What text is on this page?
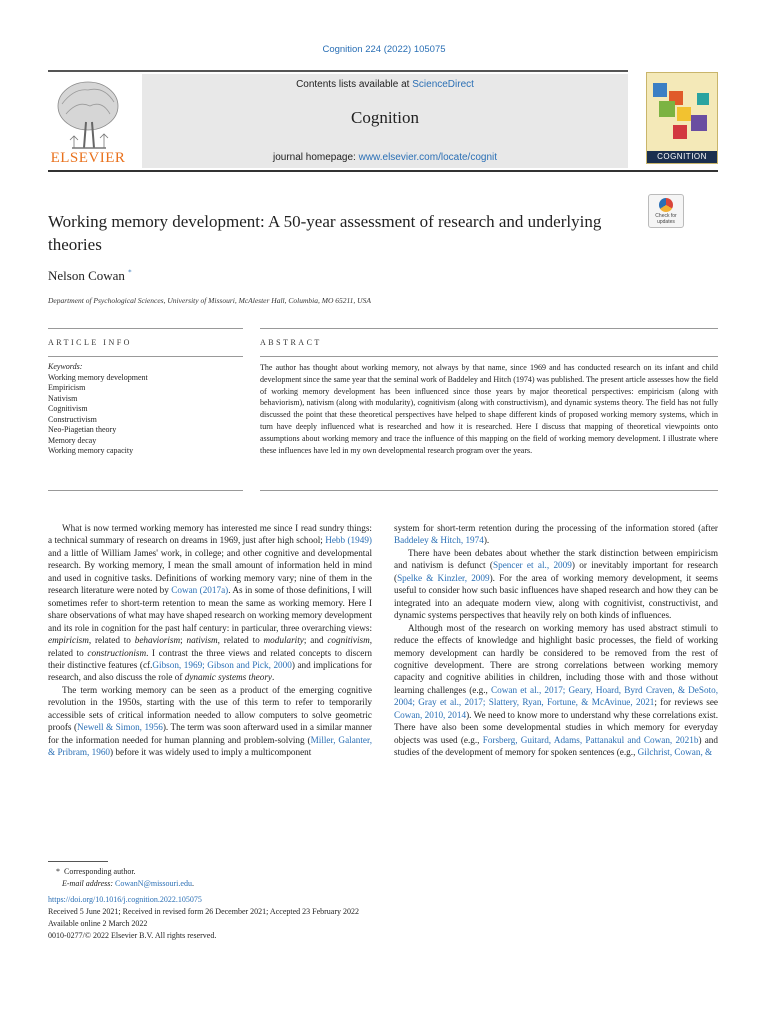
Cognition 224 (2022) 105075
ELSEVIER
Contents lists available at ScienceDirect
Cognition
journal homepage: www.elsevier.com/locate/cognit	COGNITION
Check for updates
Working memory development: A 50-year assessment of research and underlying theories
Nelson Cowan *
Department of Psychological Sciences, University of Missouri, McAlester Hall, Columbia, MO 65211, USA
ARTICLE INFO	ABSTRACT
Keywords:
Working memory development
Empiricism
Nativism
Cognitivism
Constructivism
Neo-Piagetian theory
Memory decay
Working memory capacity
The author has thought about working memory, not always by that name, since 1969 and has conducted research on its infant and child development since the same year that the seminal work of Baddeley and Hitch (1974) was published. The present article assesses how the field of working memory development has been influenced since those years by major theoretical perspectives: empiricism (along with behaviorism), nativism (along with modularity), cognitivism (along with constructivism), and dynamic systems theory. The field has not fully discussed the point that these theoretical perspectives have helped to shape different kinds of proposed working memory systems, which in turn have deeply influenced what is researched and how it is researched. Here I discuss that mapping of theoretical viewpoints onto assumptions about working memory and trace the influence of this mapping on the field of working memory development. I illustrate where these influences have led in my own developmental research program over the years.

What is now termed working memory has interested me since I read sundry things: a technical summary of research on dreams in 1969, just after high school; Hebb (1949) and a little of William James' work, in college; and other cognitive and developmental research. By working memory, I mean the small amount of information held in mind and used in cognitive tasks. Definitions of working memory vary; nine of them in the research literature were noted by Cowan (2017a). As in some of those definitions, I will sometimes refer to short-term retention to mean the same as working memory. Here I share observations of what may have shaped research on working memory development and its role in cognition for the past half century: in particular, three overarching views: empiricism, related to behaviorism; nativism, related to modularity; and cognitivism, related to constructionism. I contrast the three views and related concepts to discern their distinctive features (cf.Gibson, 1969; Gibson and Pick, 2000) and implications for research, and also discuss the role of dynamic systems theory.

The term working memory can be seen as a product of the emerging cognitive revolution in the 1950s, starting with the use of this term to refer to temporarily accessible sets of critical information needed to allow computers to solve geometric proofs (Newell & Simon, 1956). The term was soon afterward used in a similar manner for the information needed for human planning and problem-solving (Miller, Galanter, & Pribram, 1960) before it was widely used to imply a multicomponent

system for short-term retention during the processing of the information stored (after Baddeley & Hitch, 1974).

There have been debates about whether the stark distinction between empiricism and nativism is defunct (Spencer et al., 2009) or inevitably important for research (Spelke & Kinzler, 2009). For the area of working memory development, it seems useful to consider how such basic influences have shaped research and how they can be integrated into an adequate modern view, along with cognitivist, constructivist, and dynamic systems perspectives that heavily rely on both kinds of influences.

Although most of the research on working memory has used abstract stimuli to reduce the effects of knowledge and highlight basic processes, the field of working memory development can hardly be considered to be removed from the rest of cognitive development. There are strong correlations between working memory capacity and cognitive abilities in children, including those with and those without learning challenges (e.g., Cowan et al., 2017; Geary, Hoard, Byrd Craven, & DeSoto, 2004; Gray et al., 2017; Slattery, Ryan, Fortune, & McAvinue, 2021; for reviews see Cowan, 2010, 2014). We need to know more to understand why these correlations exist. There have also been some developmental studies in which memory for everyday objects was used (e.g., Forsberg, Guitard, Adams, Pattanakul and Cowan, 2021b) and studies of the development of memory for spoken sentences (e.g., Gilchrist, Cowan, &

* Corresponding author.
E-mail address: CowanN@missouri.edu.
https://doi.org/10.1016/j.cognition.2022.105075
Received 5 June 2021; Received in revised form 26 December 2021; Accepted 23 February 2022
Available online 2 March 2022
0010-0277/© 2022 Elsevier B.V. All rights reserved.
